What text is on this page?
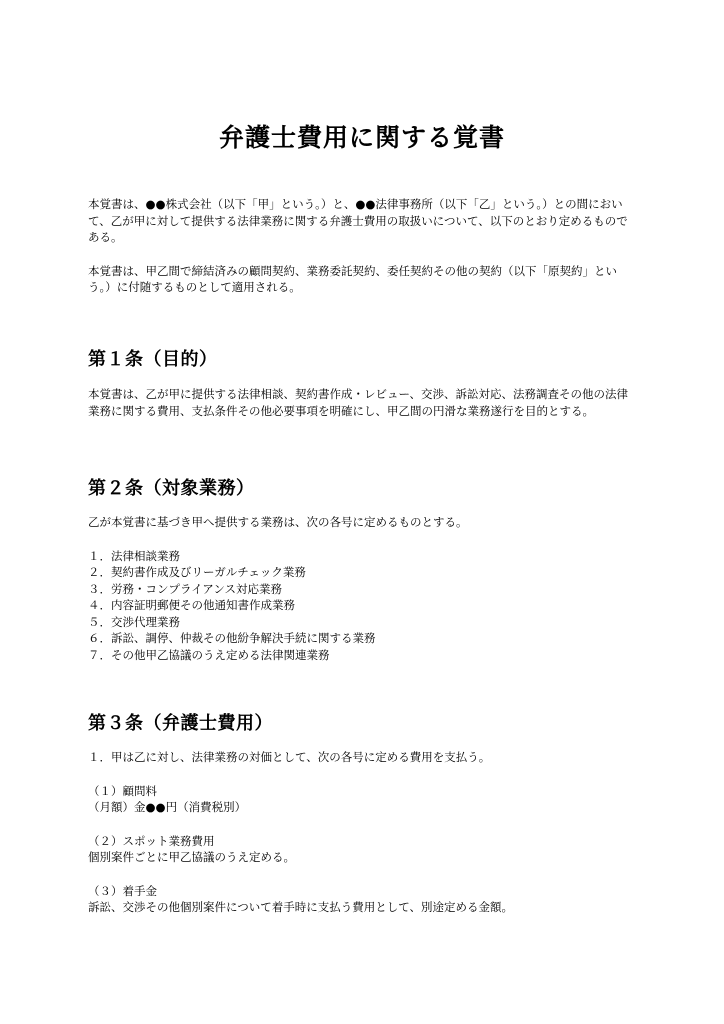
弁護士費用に関する覚書

本覚書は、●●株式会社（以下「甲」という。）と、●●法律事務所（以下「乙」という。）との間において、乙が甲に対して提供する法律業務に関する弁護士費用の取扱いについて、以下のとおり定めるものである。

本覚書は、甲乙間で締結済みの顧問契約、業務委託契約、委任契約その他の契約（以下「原契約」という。）に付随するものとして適用される。

第１条（目的）

本覚書は、乙が甲に提供する法律相談、契約書作成・レビュー、交渉、訴訟対応、法務調査その他の法律業務に関する費用、支払条件その他必要事項を明確にし、甲乙間の円滑な業務遂行を目的とする。

第２条（対象業務）

乙が本覚書に基づき甲へ提供する業務は、次の各号に定めるものとする。

１．法律相談業務
２．契約書作成及びリーガルチェック業務
３．労務・コンプライアンス対応業務
４．内容証明郵便その他通知書作成業務
５．交渉代理業務
６．訴訟、調停、仲裁その他紛争解決手続に関する業務
７．その他甲乙協議のうえ定める法律関連業務
第３条（弁護士費用）

１．甲は乙に対し、法律業務の対価として、次の各号に定める費用を支払う。

（１）顧問料

（月額）金●●円（消費税別）

（２）スポット業務費用

個別案件ごとに甲乙協議のうえ定める。

（３）着手金

訴訟、交渉その他個別案件について着手時に支払う費用として、別途定める金額。
